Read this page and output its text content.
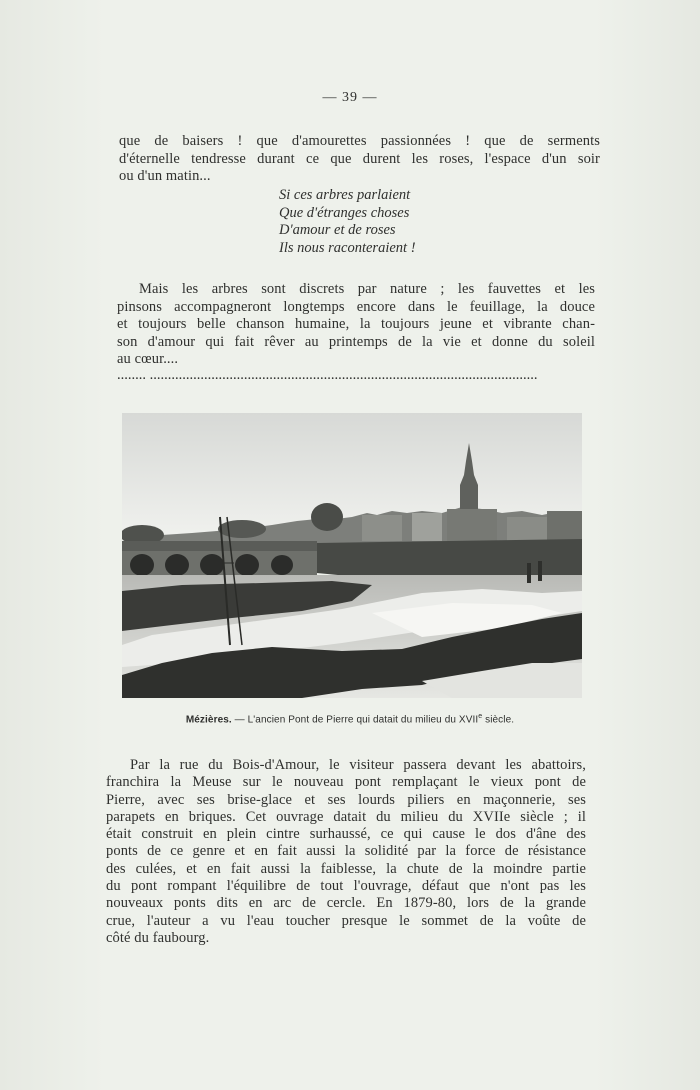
— 39 —
que de baisers ! que d'amourettes passionnées ! que de serments
d'éternelle tendresse durant ce que durent les roses, l'espace d'un soir
ou d'un matin...
Si ces arbres parlaient
Que d'étranges choses
D'amour et de roses
Ils nous raconteraient !
Mais les arbres sont discrets par nature ; les fauvettes et les
pinsons accompagneront longtemps encore dans le feuillage, la douce
et toujours belle chanson humaine, la toujours jeune et vibrante chan-
son d'amour qui fait rêver au printemps de la vie et donne du soleil
au cœur....
........ ...........................................................................................................
Mézières. — L'ancien Pont de Pierre qui datait du milieu du XVIIe siècle.
Par la rue du Bois-d'Amour, le visiteur passera devant les abattoirs,
franchira la Meuse sur le nouveau pont remplaçant le vieux pont de
Pierre, avec ses brise-glace et ses lourds piliers en maçonnerie, ses
parapets en briques. Cet ouvrage datait du milieu du XVIIe siècle ; il
était construit en plein cintre surhaussé, ce qui cause le dos d'âne des
ponts de ce genre et en fait aussi la solidité par la force de résistance
des culées, et en fait aussi la faiblesse, la chute de la moindre partie
du pont rompant l'équilibre de tout l'ouvrage, défaut que n'ont pas les
nouveaux ponts dits en arc de cercle. En 1879-80, lors de la grande
crue, l'auteur a vu l'eau toucher presque le sommet de la voûte de
côté du faubourg.
